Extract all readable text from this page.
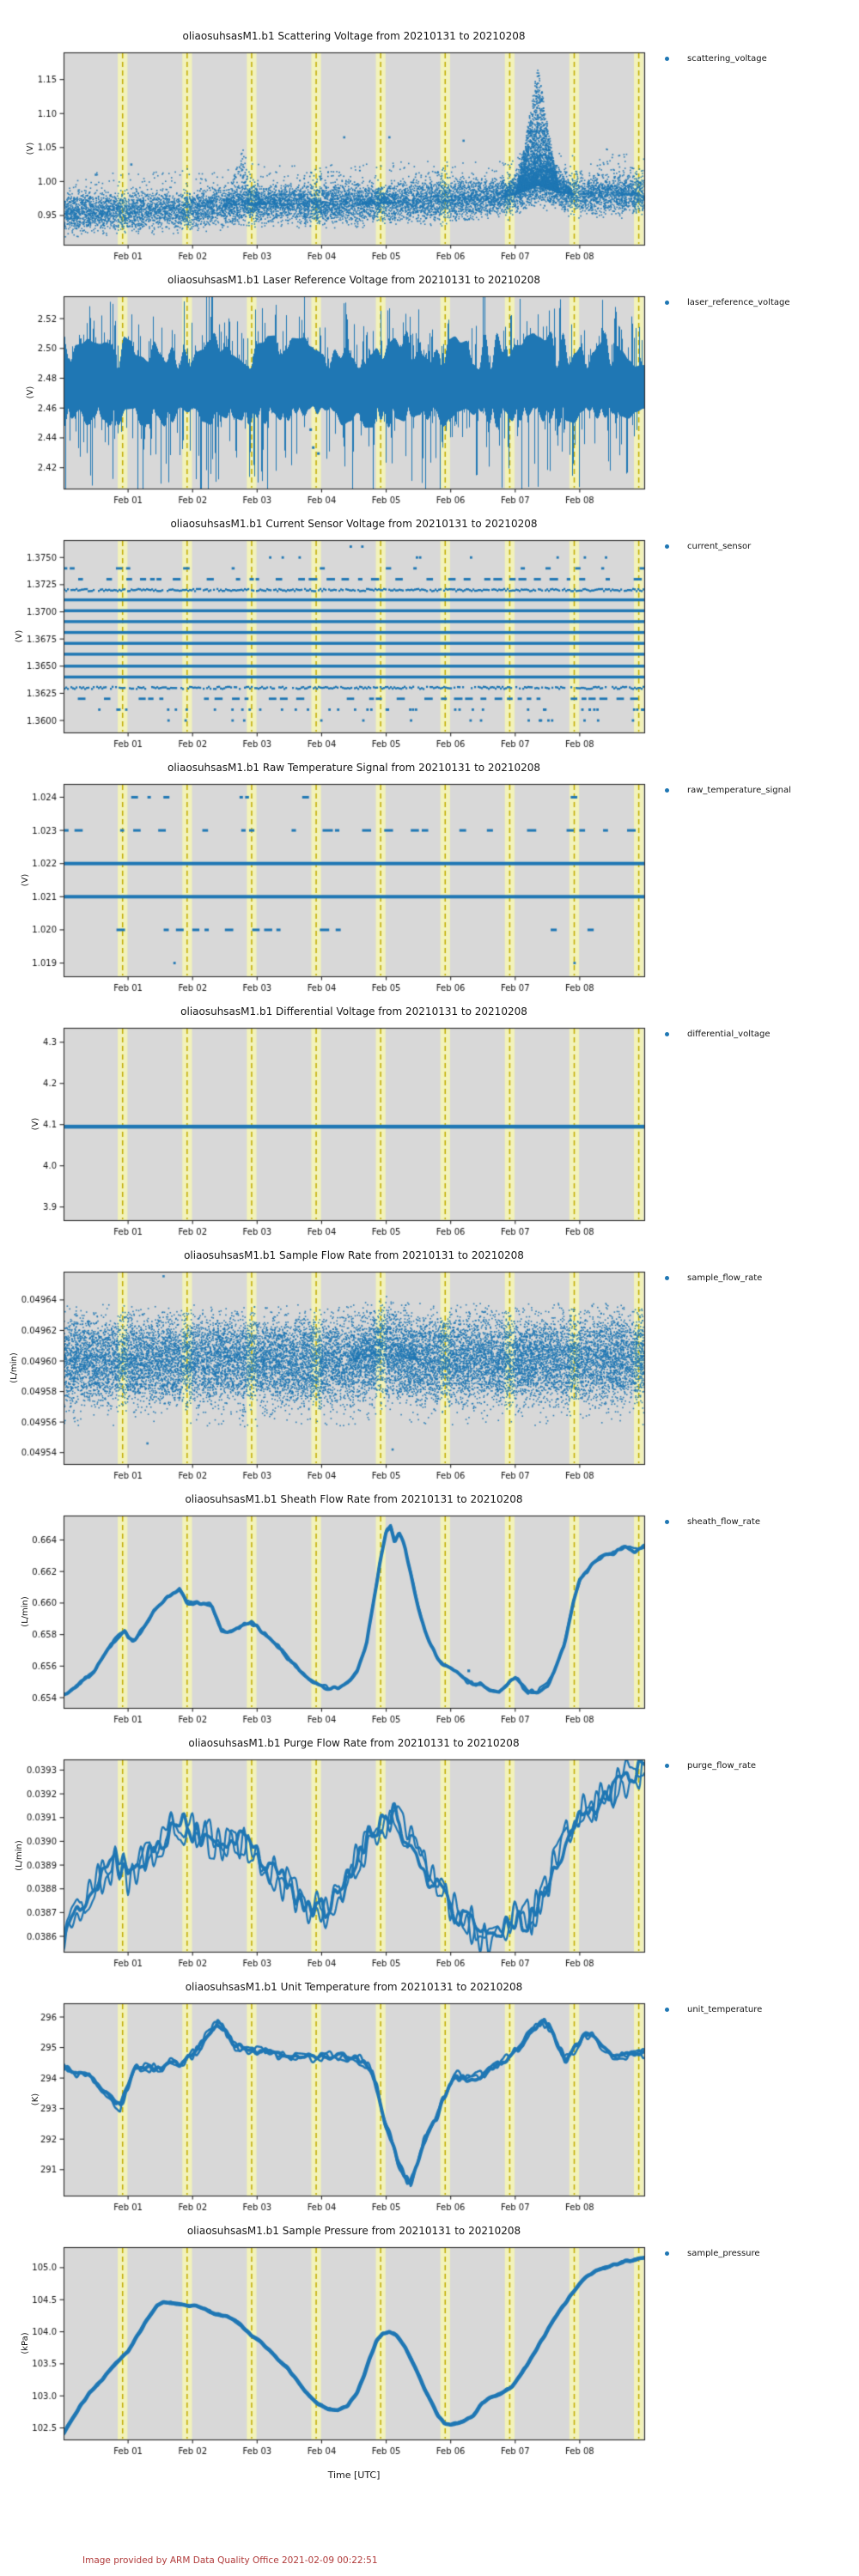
oliaosuhsasM1.b1 Scattering Voltage from 20210131 to 20210208
(V)
scattering_voltage
oliaosuhsasM1.b1 Laser Reference Voltage from 20210131 to 20210208
(V)
laser_reference_voltage
oliaosuhsasM1.b1 Current Sensor Voltage from 20210131 to 20210208
(V)
current_sensor
oliaosuhsasM1.b1 Raw Temperature Signal from 20210131 to 20210208
(V)
raw_temperature_signal
oliaosuhsasM1.b1 Differential Voltage from 20210131 to 20210208
(V)
differential_voltage
oliaosuhsasM1.b1 Sample Flow Rate from 20210131 to 20210208
(L/min)
sample_flow_rate
oliaosuhsasM1.b1 Sheath Flow Rate from 20210131 to 20210208
(L/min)
sheath_flow_rate
oliaosuhsasM1.b1 Purge Flow Rate from 20210131 to 20210208
(L/min)
purge_flow_rate
oliaosuhsasM1.b1 Unit Temperature from 20210131 to 20210208
(K)
unit_temperature
oliaosuhsasM1.b1 Sample Pressure from 20210131 to 20210208
(kPa)
sample_pressure
Time [UTC]
Image provided by ARM Data Quality Office 2021-02-09 00:22:51
